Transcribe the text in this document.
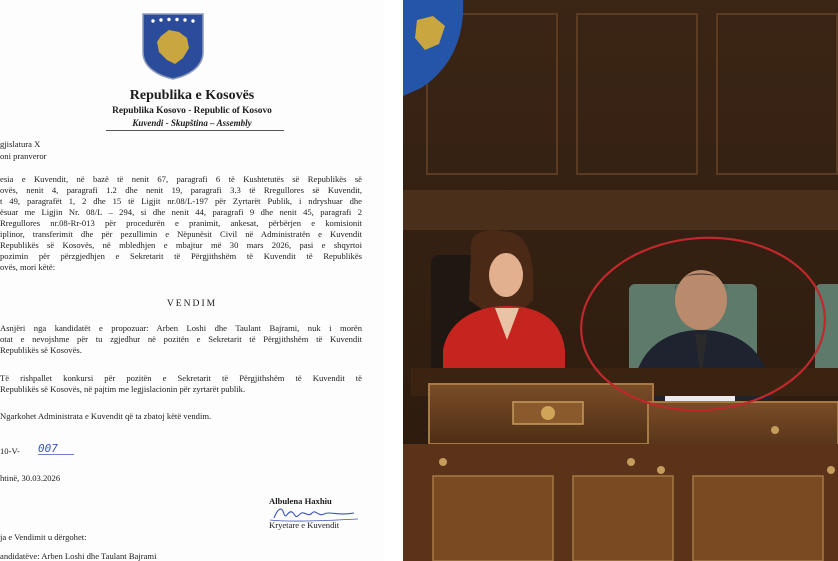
Republika e Kosovës
Republika Kosovo - Republic of Kosovo
Kuvendi - Skupština – Assembly

gjislatura X

oni pranveror

esia e Kuvendit, në bazë të nenit 67, paragrafi 6 të Kushtetutës së Republikës së

ovës, nenit 4, paragrafi 1.2 dhe nenit 19, paragrafi 3.3 të Rregullores së Kuvendit,

t 49, paragrafët 1, 2 dhe 15 të Ligjit nr.08/L-197 për Zyrtarët Publik, i ndryshuar dhe

ësuar me Ligjin Nr. 08/L – 294, si dhe nenit 44, paragrafi 9 dhe nenit 45, paragrafi 2

Rregullores nr.08-Rr-013 për procedurën e pranimit, ankesat, përbërjen e komisionit

iplinor, transferimit dhe për pezullimin e Nëpunësit Civil në Administratën e Kuvendit

Republikës së Kosovës, në mbledhjen e mbajtur më 30 mars 2026, pasi e shqyrtoi

pozimin për përzgjedhjen e Sekretarit të Përgjithshëm të Kuvendit të Republikës

ovës, mori këtë:

VENDIM

Asnjëri nga kandidatët e propozuar: Arben Loshi dhe Taulant Bajrami, nuk i morën

otat e nevojshme për tu zgjedhur në pozitën e Sekretarit të Përgjithshëm të Kuvendit

Republikës së Kosovës.

Të rishpallet konkursi për pozitën e Sekretarit të Përgjithshëm të Kuvendit të

Republikës së Kosovës, në pajtim me legjislacionin për zyrtarët publik.

Ngarkohet Administrata e Kuvendit që ta zbatoj këtë vendim.

10-V- 007

htinë, 30.03.2026

Albulena Haxhiu
Kryetare e Kuvendit

ja e Vendimit u dërgohet:

andidatëve: Arben Loshi dhe Taulant Bajrami
